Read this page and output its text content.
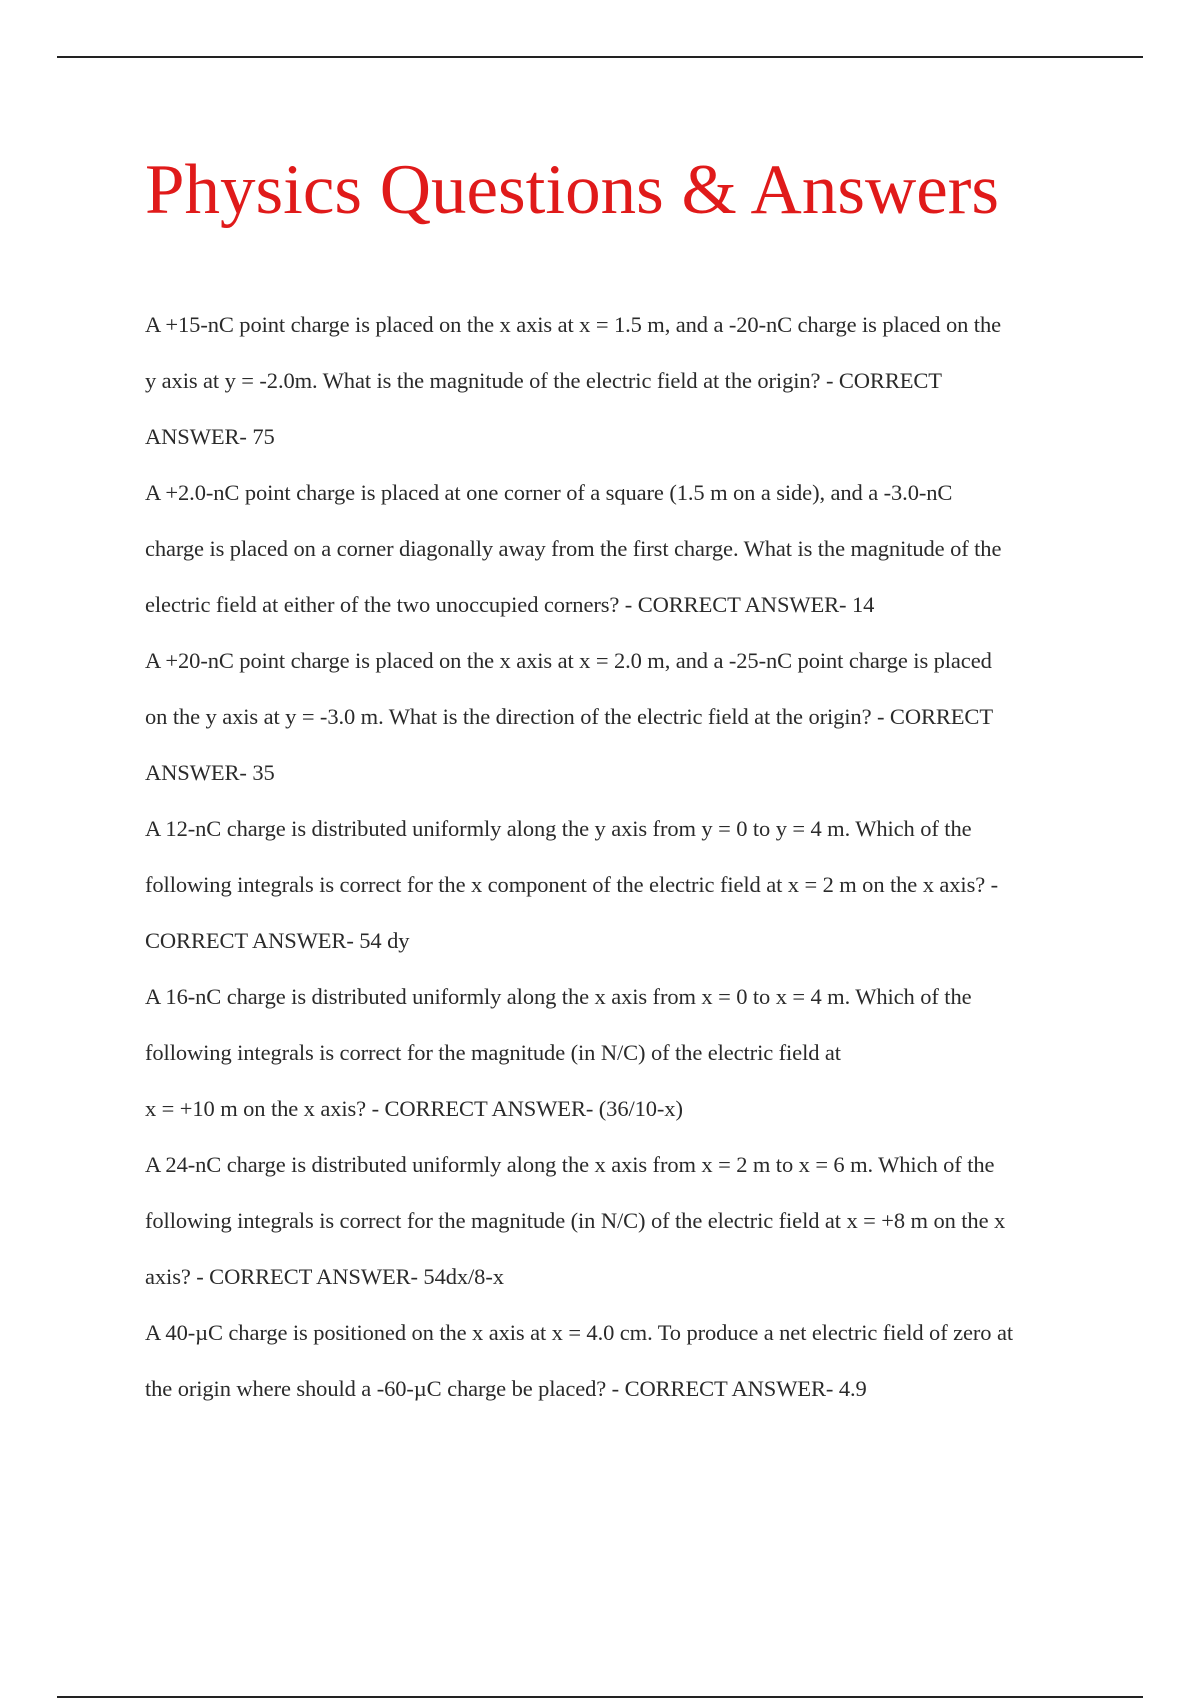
Physics Questions & Answers
A +15-nC point charge is placed on the x axis at x = 1.5 m, and a -20-nC charge is placed on the
y axis at y = -2.0m. What is the magnitude of the electric field at the origin? - CORRECT
ANSWER- 75
A +2.0-nC point charge is placed at one corner of a square (1.5 m on a side), and a -3.0-nC
charge is placed on a corner diagonally away from the first charge. What is the magnitude of the
electric field at either of the two unoccupied corners? - CORRECT ANSWER- 14
A +20-nC point charge is placed on the x axis at x = 2.0 m, and a -25-nC point charge is placed
on the y axis at y = -3.0 m. What is the direction of the electric field at the origin? - CORRECT
ANSWER- 35
A 12-nC charge is distributed uniformly along the y axis from y = 0 to y = 4 m. Which of the
following integrals is correct for the x component of the electric field at x = 2 m on the x axis? -
CORRECT ANSWER- 54 dy
A 16-nC charge is distributed uniformly along the x axis from x = 0 to x = 4 m. Which of the
following integrals is correct for the magnitude (in N/C) of the electric field at
x = +10 m on the x axis? - CORRECT ANSWER- (36/10-x)
A 24-nC charge is distributed uniformly along the x axis from x = 2 m to x = 6 m. Which of the
following integrals is correct for the magnitude (in N/C) of the electric field at x = +8 m on the x
axis? - CORRECT ANSWER- 54dx/8-x
A 40-µC charge is positioned on the x axis at x = 4.0 cm. To produce a net electric field of zero at
the origin where should a -60-µC charge be placed? - CORRECT ANSWER- 4.9
